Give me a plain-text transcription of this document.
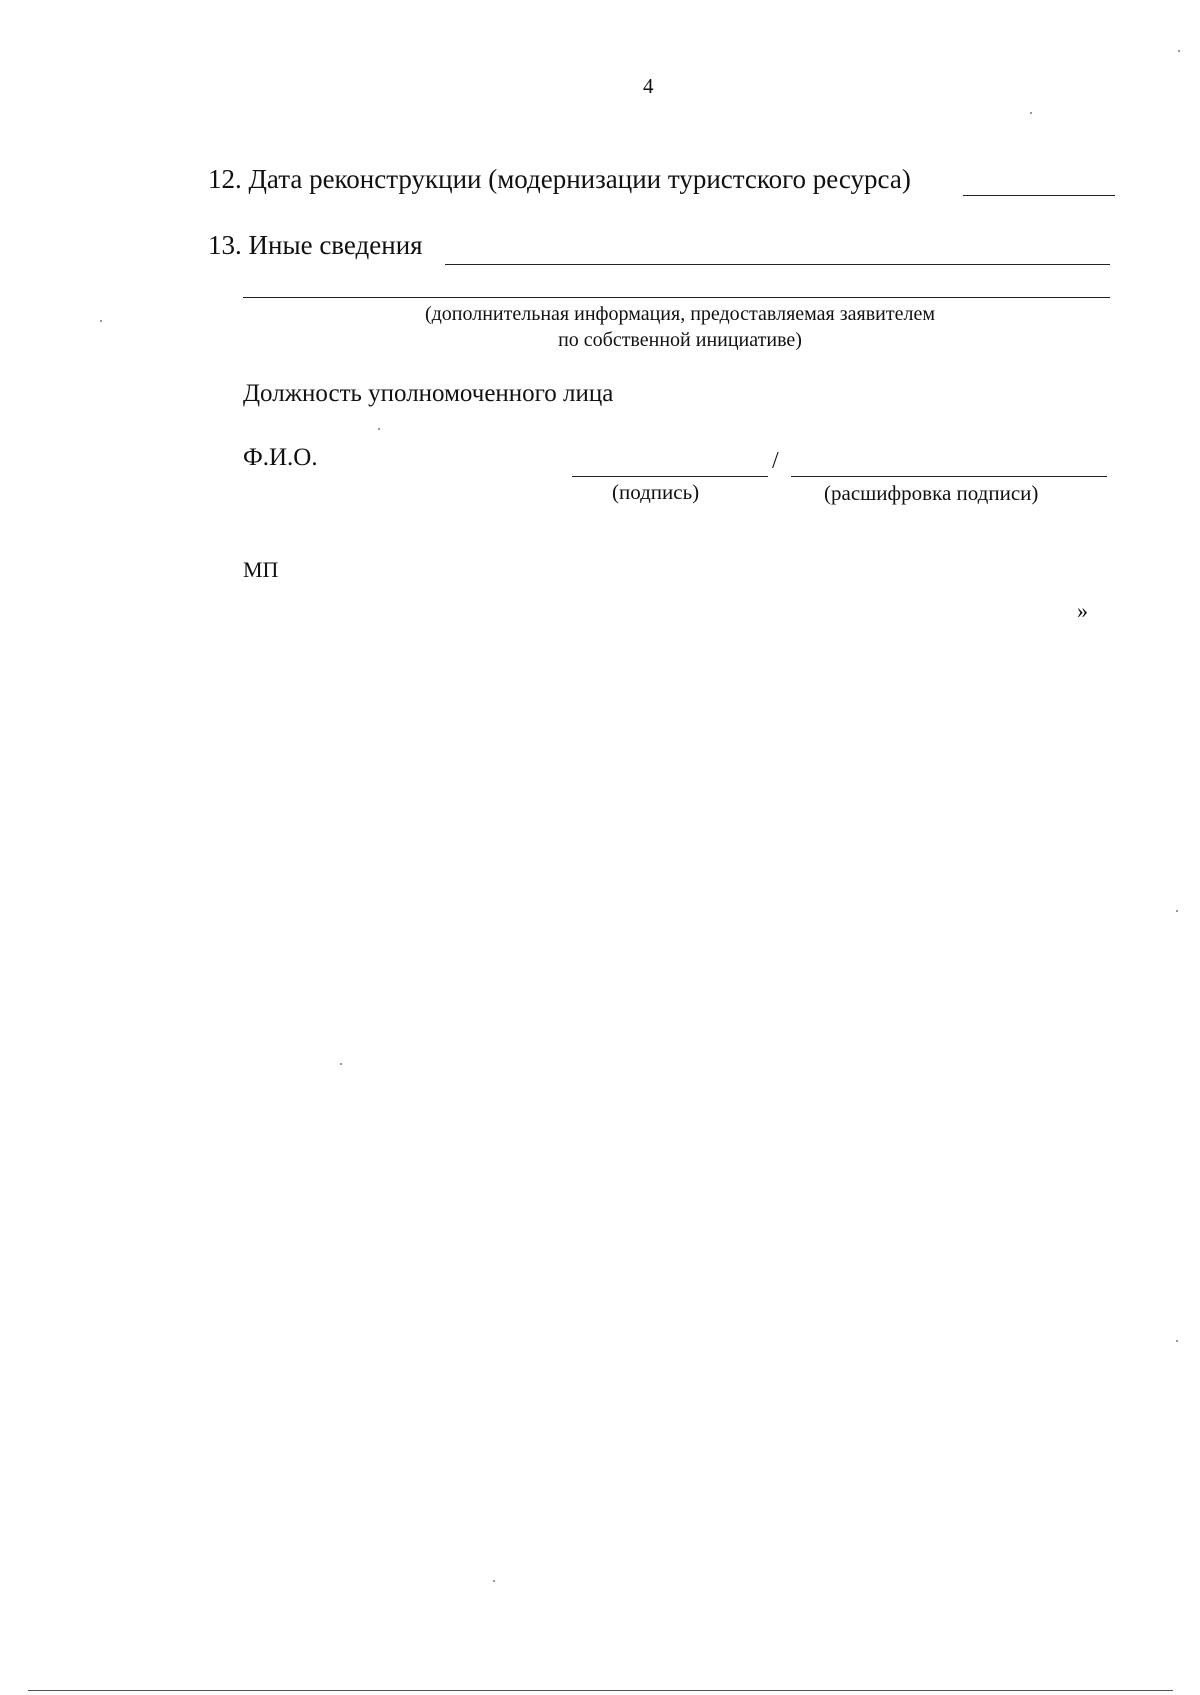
4
12. Дата реконструкции (модернизации туристского ресурса)
13. Иные сведения
(дополнительная информация, предоставляемая заявителем
по собственной инициативе)
Должность уполномоченного лица
Ф.И.О.	/
(подпись)	(расшифровка подписи)
МП
»
